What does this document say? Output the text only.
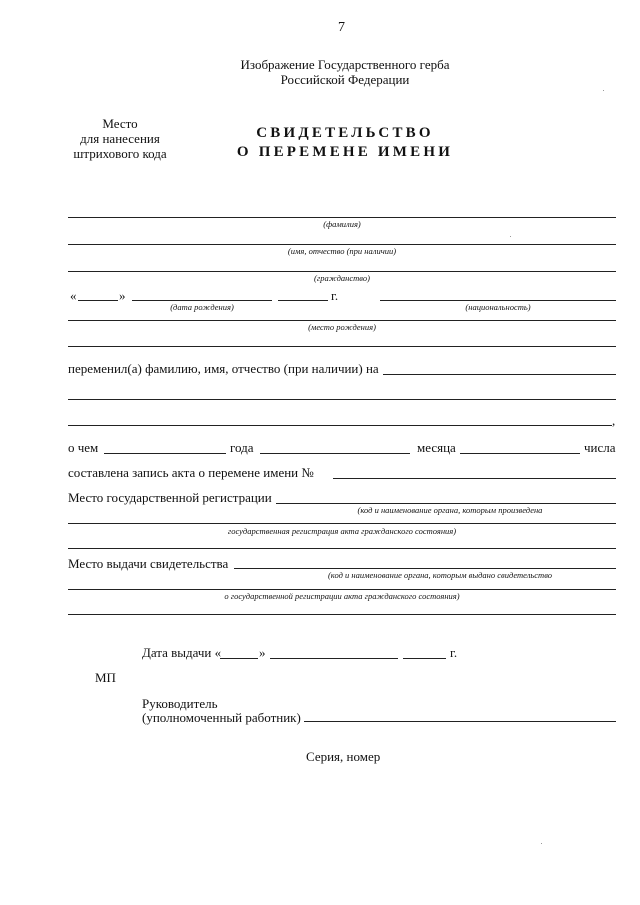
7
Изображение Государственного герба
Российской Федерации
Место
для нанесения
штрихового кода
СВИДЕТЕЛЬСТВО
О ПЕРЕМЕНЕ ИМЕНИ
(фамилия)
(имя, отчество (при наличии)
(гражданство)
«	»	г.
(дата рождения)	(национальность)
(место рождения)
переменил(а) фамилию, имя, отчество (при наличии) на
,
о чем	года	месяца	числа
составлена запись акта о перемене имени №
Место государственной регистрации
(код и наименование органа, которым произведена
государственная регистрация акта гражданского состояния)
Место выдачи свидетельства
(код и наименование органа, которым выдано свидетельство
о государственной регистрации акта гражданского состояния)
Дата выдачи «	»	г.
МП
Руководитель
(уполномоченный работник)
Серия, номер
